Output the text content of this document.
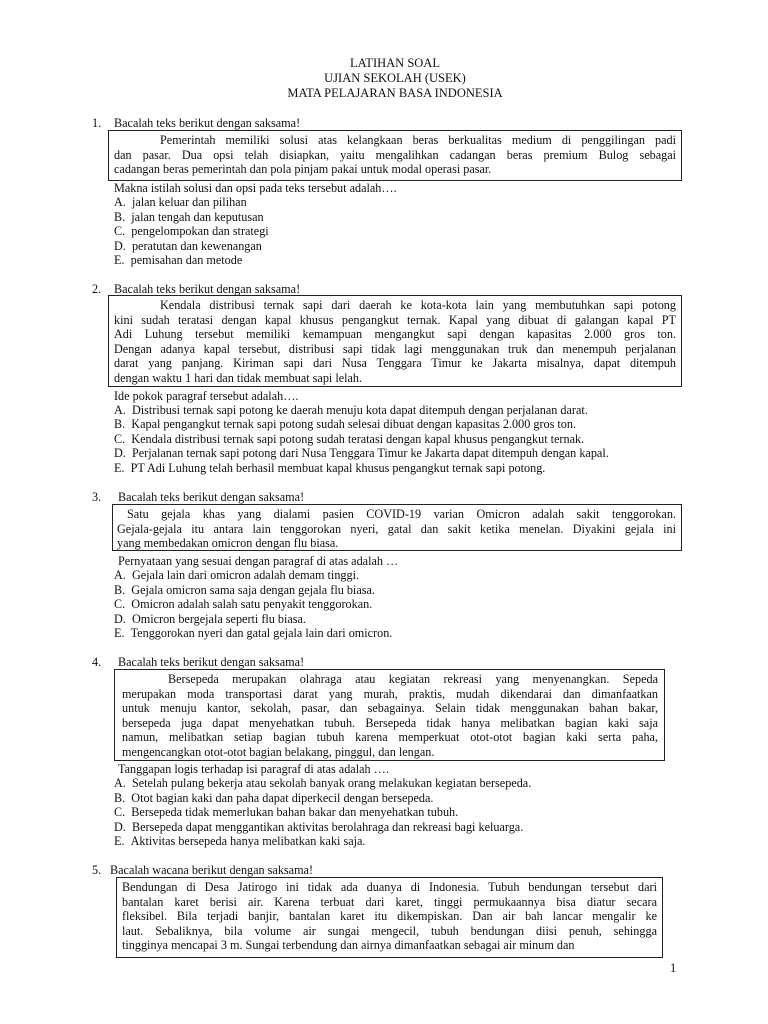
LATIHAN SOAL
UJIAN SEKOLAH (USEK)
MATA PELAJARAN BASA INDONESIA
1. Bacalah teks berikut dengan saksama!

Pemerintah memiliki solusi atas kelangkaan beras berkualitas medium di penggilingan padi

dan pasar. Dua opsi telah disiapkan, yaitu mengalihkan cadangan beras premium Bulog sebagai

cadangan beras pemerintah dan pola pinjam pakai untuk modal operasi pasar.

Makna istilah solusi dan opsi pada teks tersebut adalah….
A. jalan keluar dan pilihan
B. jalan tengah dan keputusan
C. pengelompokan dan strategi
D. peratutan dan kewenangan
E. pemisahan dan metode
2. Bacalah teks berikut dengan saksama!

Kendala distribusi ternak sapi dari daerah ke kota-kota lain yang membutuhkan sapi potong

kini sudah teratasi dengan kapal khusus pengangkut ternak. Kapal yang dibuat di galangan kapal PT

Adi Luhung tersebut memiliki kemampuan mengangkut sapi dengan kapasitas 2.000 gros ton.

Dengan adanya kapal tersebut, distribusi sapi tidak lagi menggunakan truk dan menempuh perjalanan

darat yang panjang. Kiriman sapi dari Nusa Tenggara Timur ke Jakarta misalnya, dapat ditempuh

dengan waktu 1 hari dan tidak membuat sapi lelah.

Ide pokok paragraf tersebut adalah….
A. Distribusi ternak sapi potong ke daerah menuju kota dapat ditempuh dengan perjalanan darat.
B. Kapal pengangkut ternak sapi potong sudah selesai dibuat dengan kapasitas 2.000 gros ton.
C. Kendala distribusi ternak sapi potong sudah teratasi dengan kapal khusus pengangkut ternak.
D. Perjalanan ternak sapi potong dari Nusa Tenggara Timur ke Jakarta dapat ditempuh dengan kapal.
E. PT Adi Luhung telah berhasil membuat kapal khusus pengangkut ternak sapi potong.
3. Bacalah teks berikut dengan saksama!

Satu gejala khas yang dialami pasien COVID-19 varian Omicron adalah sakit tenggorokan.

Gejala-gejala itu antara lain tenggorokan nyeri, gatal dan sakit ketika menelan. Diyakini gejala ini

yang membedakan omicron dengan flu biasa.

Pernyataan yang sesuai dengan paragraf di atas adalah …
A. Gejala lain dari omicron adalah demam tinggi.
B. Gejala omicron sama saja dengan gejala flu biasa.
C. Omicron adalah salah satu penyakit tenggorokan.
D. Omicron bergejala seperti flu biasa.
E. Tenggorokan nyeri dan gatal gejala lain dari omicron.
4. Bacalah teks berikut dengan saksama!

Bersepeda merupakan olahraga atau kegiatan rekreasi yang menyenangkan. Sepeda

merupakan moda transportasi darat yang murah, praktis, mudah dikendarai dan dimanfaatkan

untuk menuju kantor, sekolah, pasar, dan sebagainya. Selain tidak menggunakan bahan bakar,

bersepeda juga dapat menyehatkan tubuh. Bersepeda tidak hanya melibatkan bagian kaki saja

namun, melibatkan setiap bagian tubuh karena memperkuat otot-otot bagian kaki serta paha,

mengencangkan otot-otot bagian belakang, pinggul, dan lengan.

Tanggapan logis terhadap isi paragraf di atas adalah ….
A. Setelah pulang bekerja atau sekolah banyak orang melakukan kegiatan bersepeda.
B. Otot bagian kaki dan paha dapat diperkecil dengan bersepeda.
C. Bersepeda tidak memerlukan bahan bakar dan menyehatkan tubuh.
D. Bersepeda dapat menggantikan aktivitas berolahraga dan rekreasi bagi keluarga.
E. Aktivitas bersepeda hanya melibatkan kaki saja.
5. Bacalah wacana berikut dengan saksama!

Bendungan di Desa Jatirogo ini tidak ada duanya di Indonesia. Tubuh bendungan tersebut dari

bantalan karet berisi air. Karena terbuat dari karet, tinggi permukaannya bisa diatur secara

fleksibel. Bila terjadi banjir, bantalan karet itu dikempiskan. Dan air bah lancar mengalir ke

laut. Sebaliknya, bila volume air sungai mengecil, tubuh bendungan diisi penuh, sehingga

tingginya mencapai 3 m. Sungai terbendung dan airnya dimanfaatkan sebagai air minum dan

1
